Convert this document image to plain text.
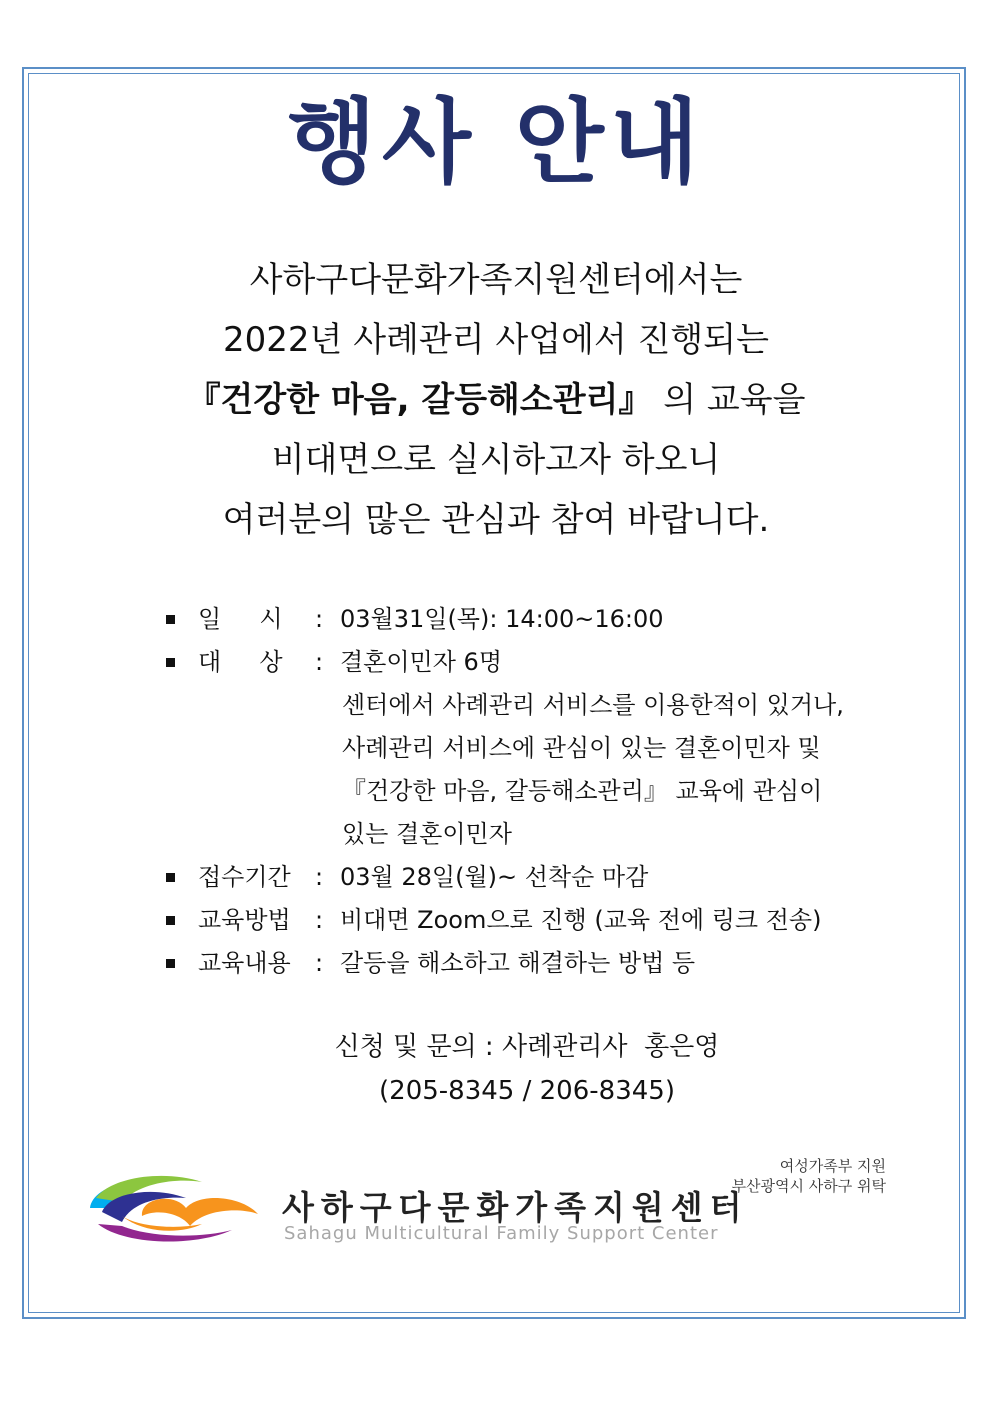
행사 안내
사하구다문화가족지원센터에서는
2022년 사례관리 사업에서 진행되는
『건강한 마음, 갈등해소관리』 의 교육을
비대면으로 실시하고자 하오니
여러분의 많은 관심과 참여 바랍니다.
일     시 : 03월31일(목): 14:00~16:00
대     상 : 결혼이민자 6명
센터에서 사례관리 서비스를 이용한적이 있거나,
사례관리 서비스에 관심이 있는 결혼이민자 및
『건강한 마음, 갈등해소관리』 교육에 관심이
있는 결혼이민자
접수기간 : 03월 28일(월)~ 선착순 마감
교육방법 : 비대면 Zoom으로 진행 (교육 전에 링크 전송)
교육내용 : 갈등을 해소하고 해결하는 방법 등
신청 및 문의 : 사례관리사  홍은영
(205-8345 / 206-8345)
여성가족부 지원
부산광역시 사하구 위탁
사하구다문화가족지원센터
Sahagu Multicultural Family Support Center
